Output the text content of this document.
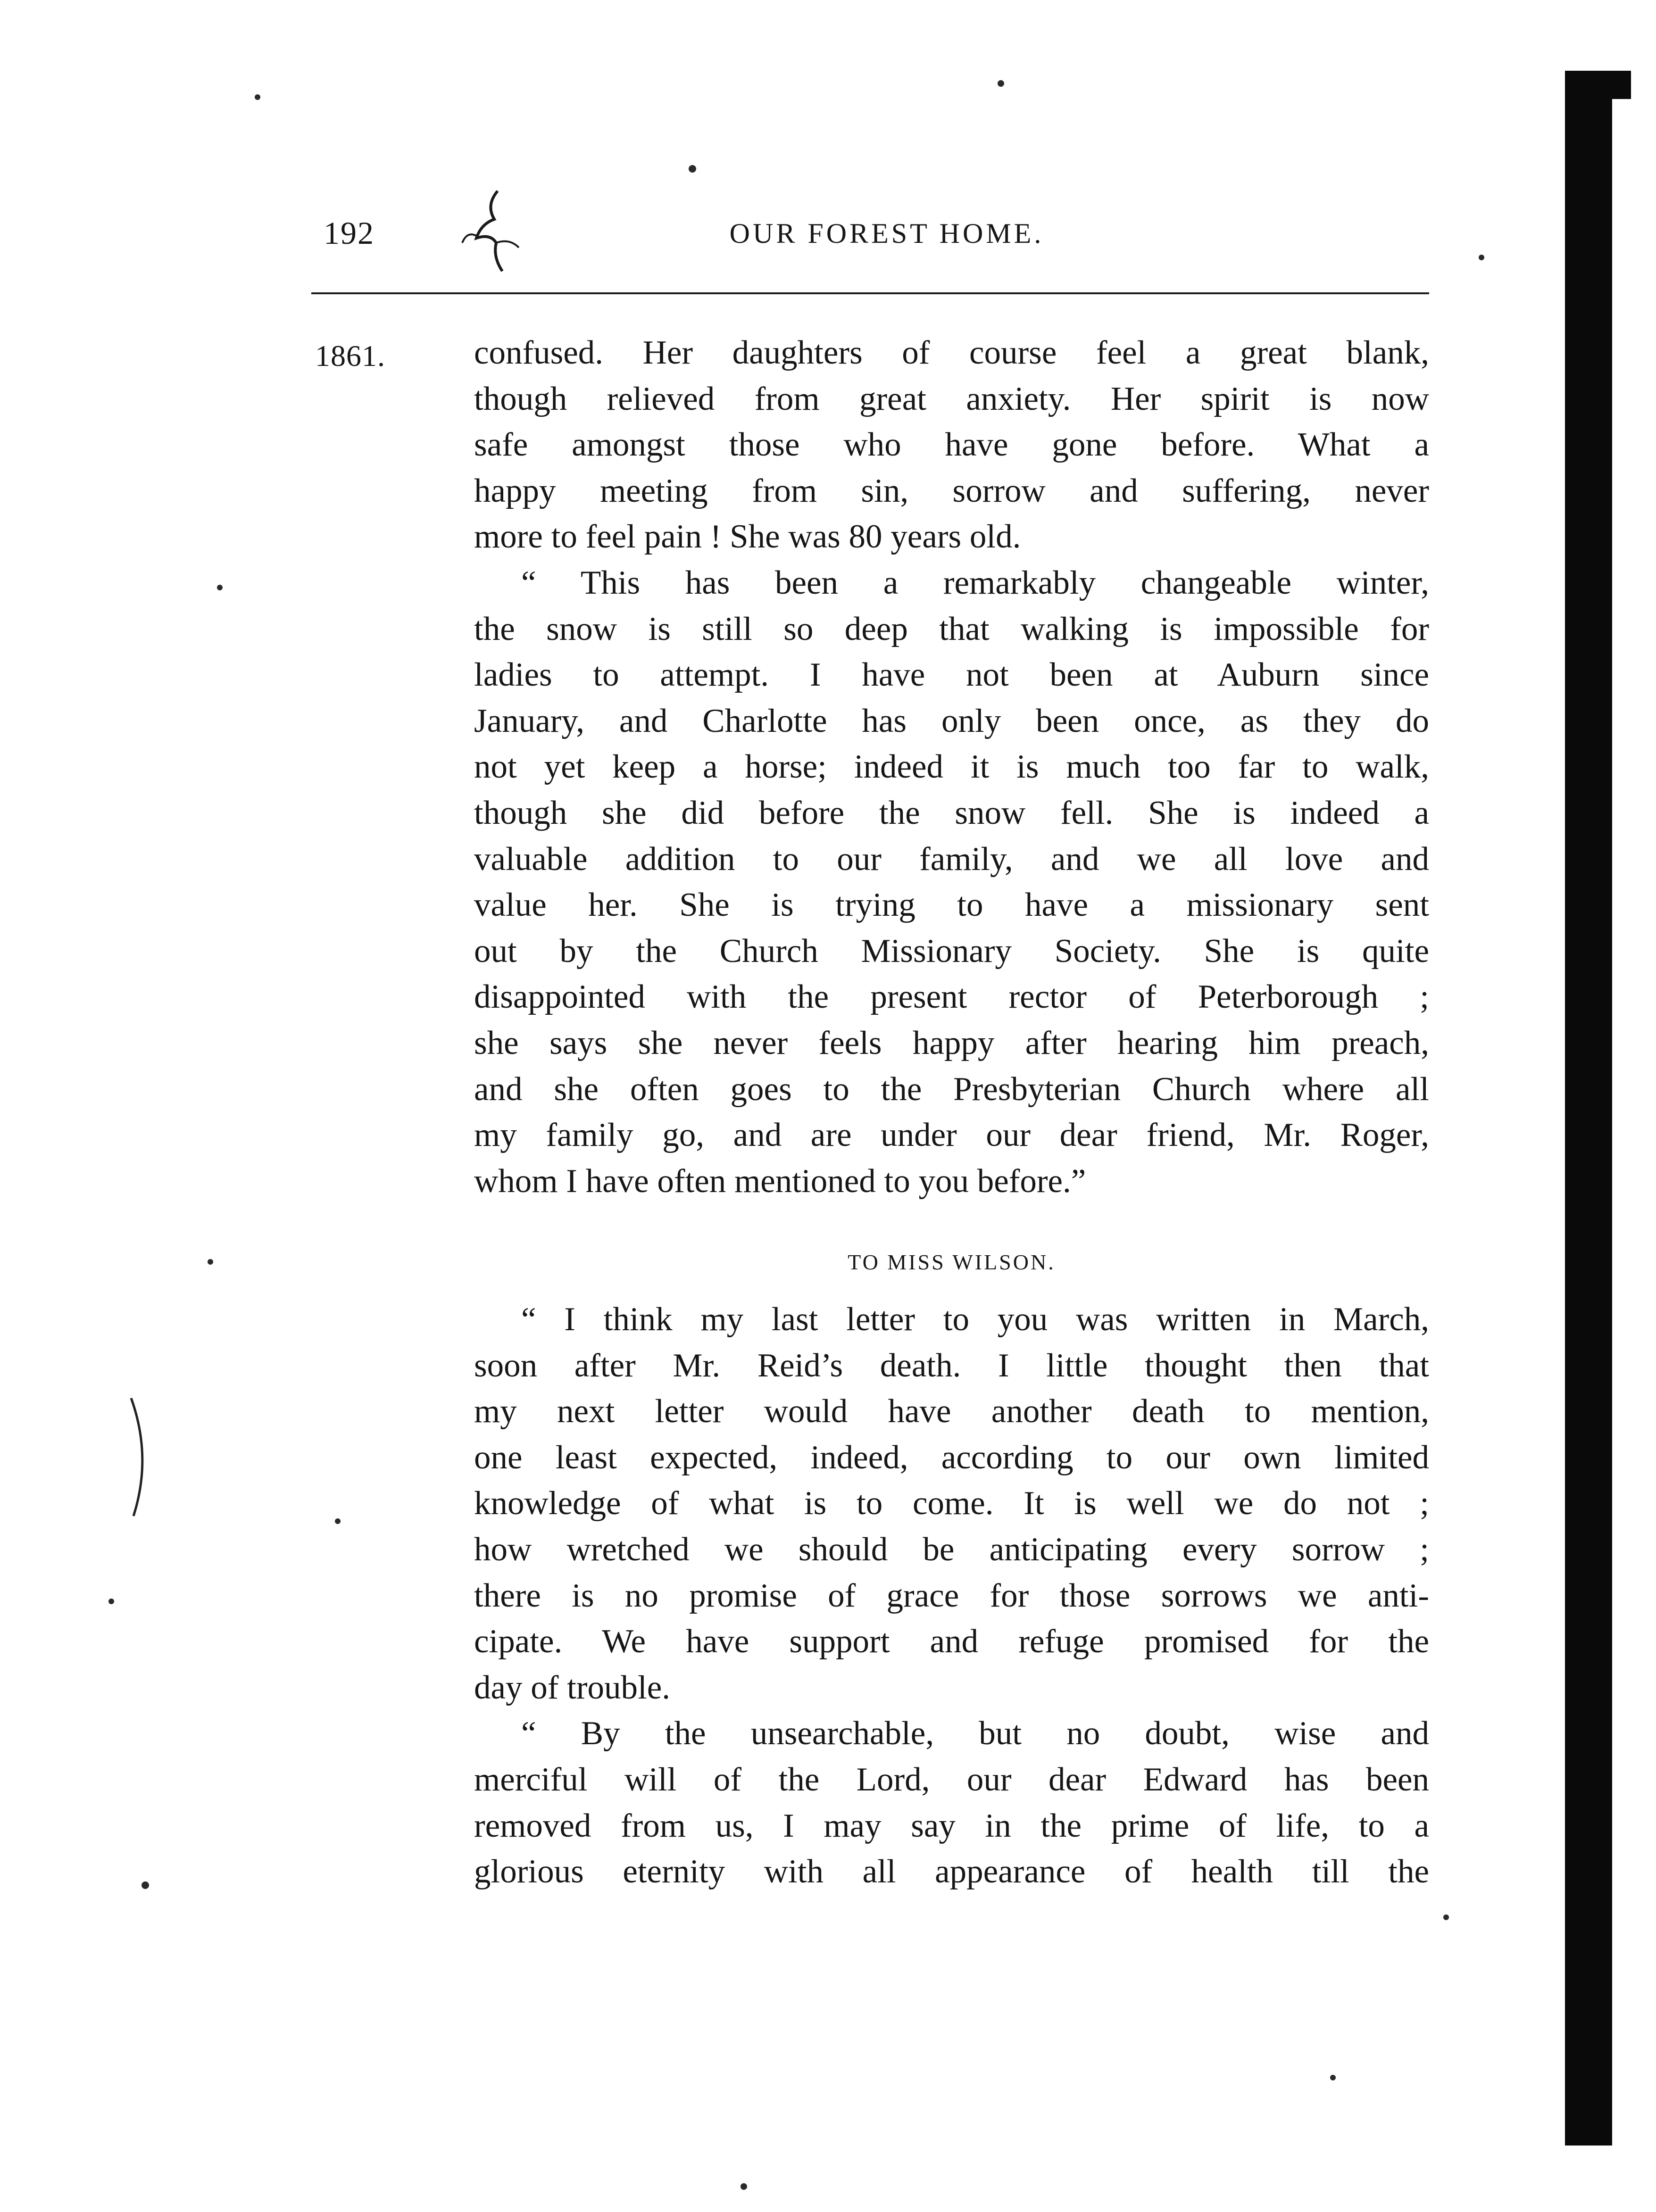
192	OUR FOREST HOME.
1861.	confused. Her daughters of course feel a great blank,

though relieved from great anxiety. Her spirit is now

safe amongst those who have gone before. What a

happy meeting from sin, sorrow and suffering, never

more to feel pain ! She was 80 years old.

“ This has been a remarkably changeable winter,

the snow is still so deep that walking is impossible for

ladies to attempt. I have not been at Auburn since

January, and Charlotte has only been once, as they do

not yet keep a horse; indeed it is much too far to walk,

though she did before the snow fell. She is indeed a

valuable addition to our family, and we all love and

value her. She is trying to have a missionary sent

out by the Church Missionary Society. She is quite

disappointed with the present rector of Peterborough ;

she says she never feels happy after hearing him preach,

and she often goes to the Presbyterian Church where all

my family go, and are under our dear friend, Mr. Roger,

whom I have often mentioned to you before.”

TO MISS WILSON.

“ I think my last letter to you was written in March,

soon after Mr. Reid’s death. I little thought then that

my next letter would have another death to mention,

one least expected, indeed, according to our own limited

knowledge of what is to come. It is well we do not ;

how wretched we should be anticipating every sorrow ;

there is no promise of grace for those sorrows we anti-

cipate. We have support and refuge promised for the

day of trouble.

“ By the unsearchable, but no doubt, wise and

merciful will of the Lord, our dear Edward has been

removed from us, I may say in the prime of life, to a

glorious eternity with all appearance of health till the
